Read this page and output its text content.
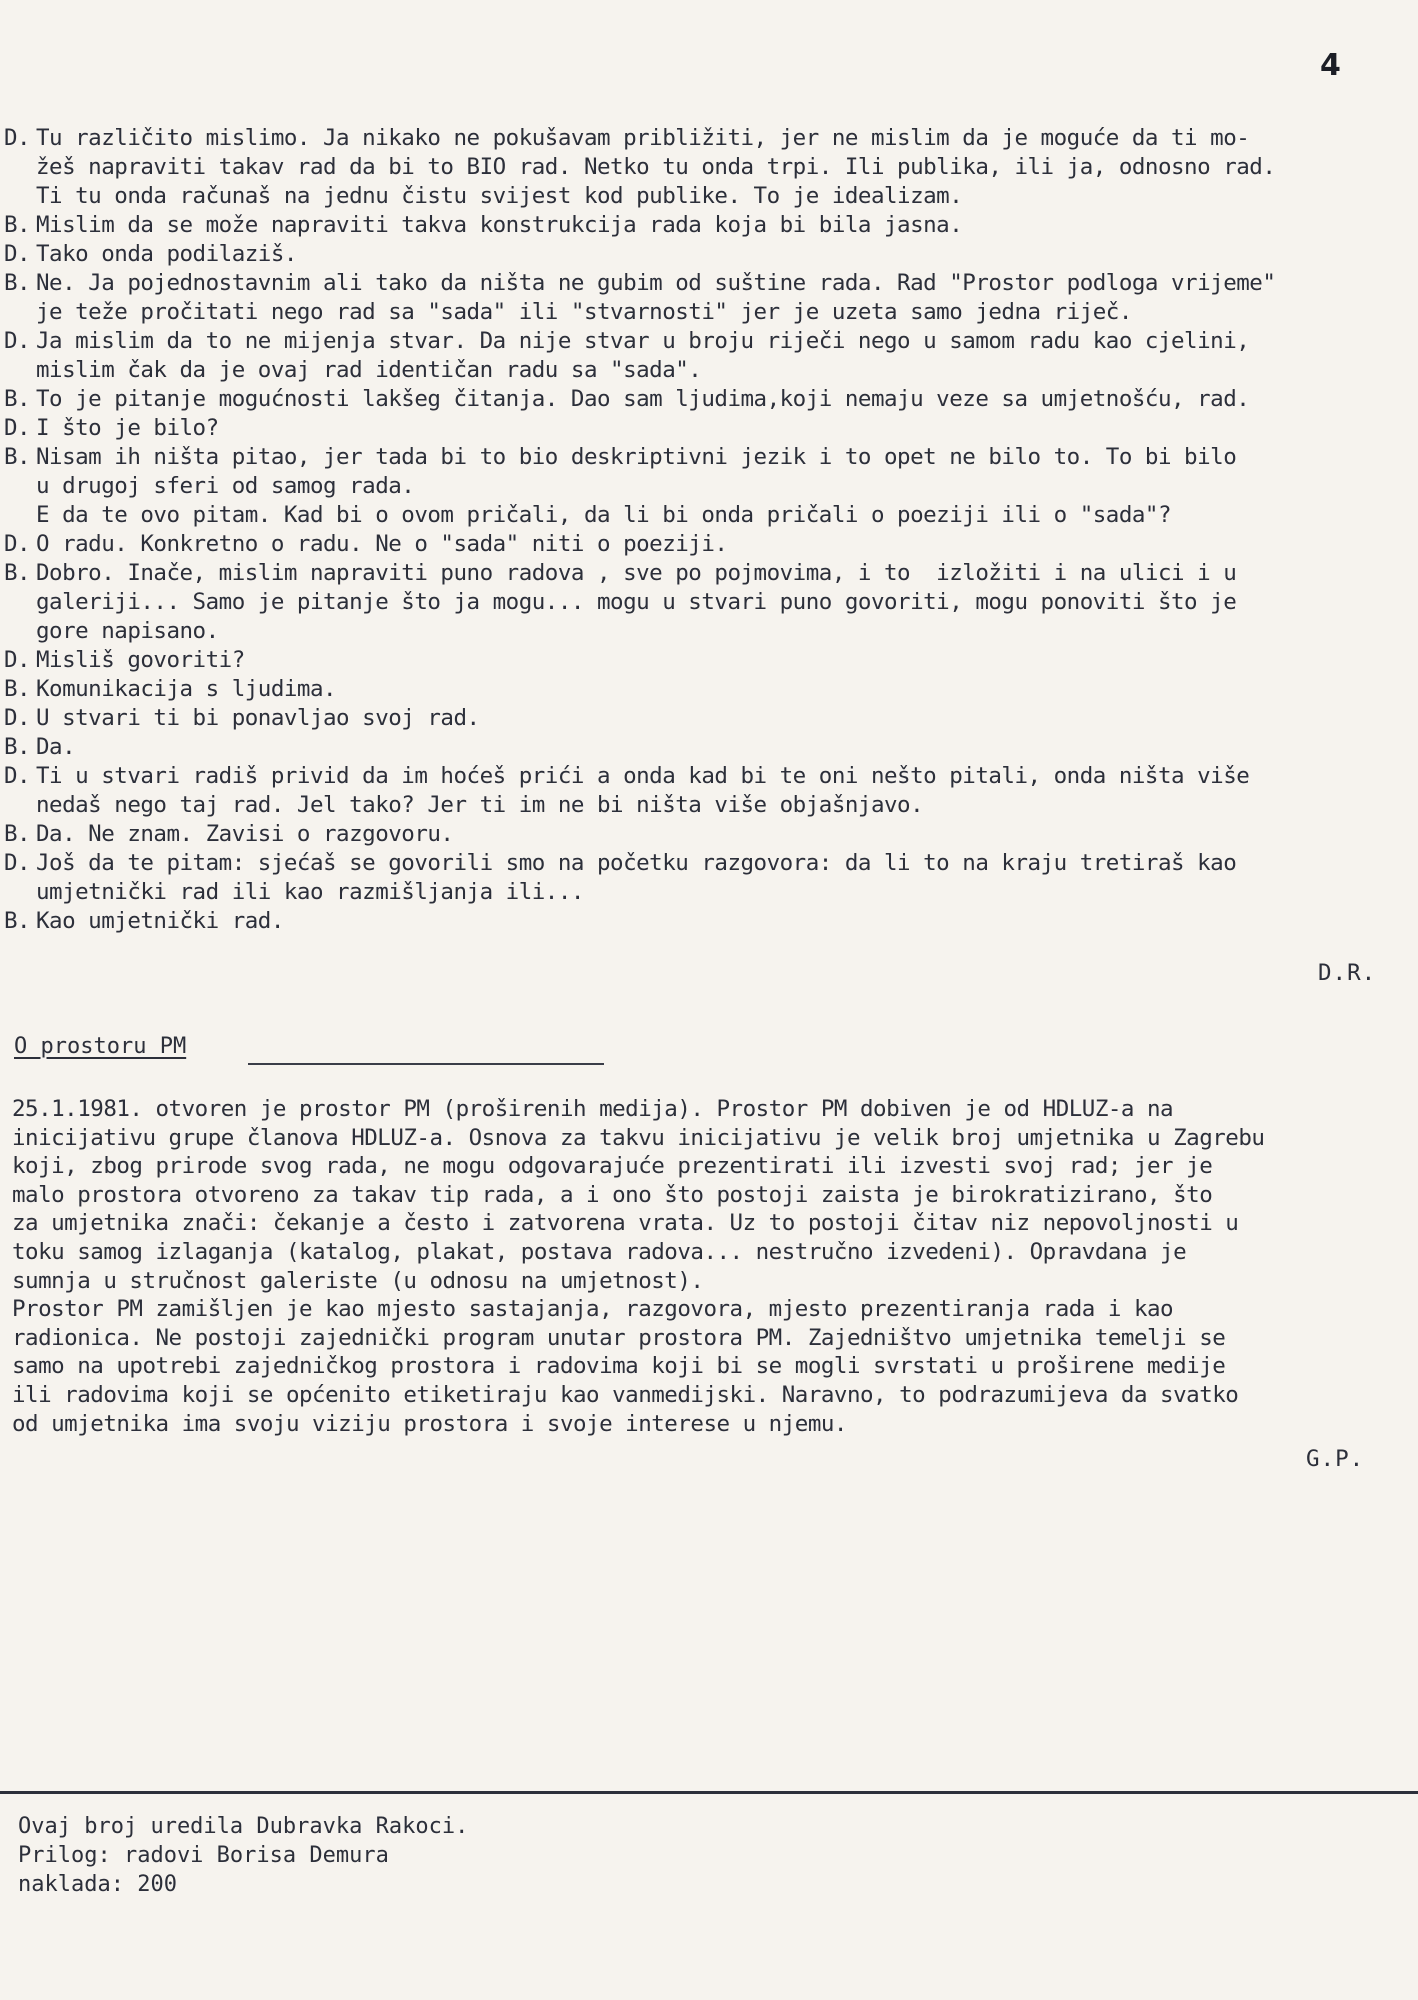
4
D. Tu različito mislimo. Ja nikako ne pokušavam približiti, jer ne mislim da je moguće da ti mo-
žeš napraviti takav rad da bi to BIO rad. Netko tu onda trpi. Ili publika, ili ja, odnosno rad.
Ti tu onda računaš na jednu čistu svijest kod publike. To je idealizam.
B. Mislim da se može napraviti takva konstrukcija rada koja bi bila jasna.
D. Tako onda podilaziš.
B. Ne. Ja pojednostavnim ali tako da ništa ne gubim od suštine rada. Rad "Prostor podloga vrijeme"
je teže pročitati nego rad sa "sada" ili "stvarnosti" jer je uzeta samo jedna riječ.
D. Ja mislim da to ne mijenja stvar. Da nije stvar u broju riječi nego u samom radu kao cjelini,
mislim čak da je ovaj rad identičan radu sa "sada".
B. To je pitanje mogućnosti lakšeg čitanja. Dao sam ljudima,koji nemaju veze sa umjetnošću, rad.
D. I što je bilo?
B. Nisam ih ništa pitao, jer tada bi to bio deskriptivni jezik i to opet ne bilo to. To bi bilo
u drugoj sferi od samog rada.
E da te ovo pitam. Kad bi o ovom pričali, da li bi onda pričali o poeziji ili o "sada"?
D. O radu. Konkretno o radu. Ne o "sada" niti o poeziji.
B. Dobro. Inače, mislim napraviti puno radova , sve po pojmovima, i to  izložiti i na ulici i u
galeriji... Samo je pitanje što ja mogu... mogu u stvari puno govoriti, mogu ponoviti što je
gore napisano.
D. Misliš govoriti?
B. Komunikacija s ljudima.
D. U stvari ti bi ponavljao svoj rad.
B. Da.
D. Ti u stvari radiš privid da im hoćeš prići a onda kad bi te oni nešto pitali, onda ništa više
nedaš nego taj rad. Jel tako? Jer ti im ne bi ništa više objašnjavo.
B. Da. Ne znam. Zavisi o razgovoru.
D. Još da te pitam: sjećaš se govorili smo na početku razgovora: da li to na kraju tretiraš kao
umjetnički rad ili kao razmišljanja ili...
B. Kao umjetnički rad.
D.R.
O prostoru PM
25.1.1981. otvoren je prostor PM (proširenih medija). Prostor PM dobiven je od HDLUZ-a na
inicijativu grupe članova HDLUZ-a. Osnova za takvu inicijativu je velik broj umjetnika u Zagrebu
koji, zbog prirode svog rada, ne mogu odgovarajuće prezentirati ili izvesti svoj rad; jer je
malo prostora otvoreno za takav tip rada, a i ono što postoji zaista je birokratizirano, što
za umjetnika znači: čekanje a često i zatvorena vrata. Uz to postoji čitav niz nepovoljnosti u
toku samog izlaganja (katalog, plakat, postava radova... nestručno izvedeni). Opravdana je
sumnja u stručnost galeriste (u odnosu na umjetnost).
Prostor PM zamišljen je kao mjesto sastajanja, razgovora, mjesto prezentiranja rada i kao
radionica. Ne postoji zajednički program unutar prostora PM. Zajedništvo umjetnika temelji se
samo na upotrebi zajedničkog prostora i radovima koji bi se mogli svrstati u proširene medije
ili radovima koji se općenito etiketiraju kao vanmedijski. Naravno, to podrazumijeva da svatko
od umjetnika ima svoju viziju prostora i svoje interese u njemu.
G.P.
Ovaj broj uredila Dubravka Rakoci.
Prilog: radovi Borisa Demura
naklada: 200
